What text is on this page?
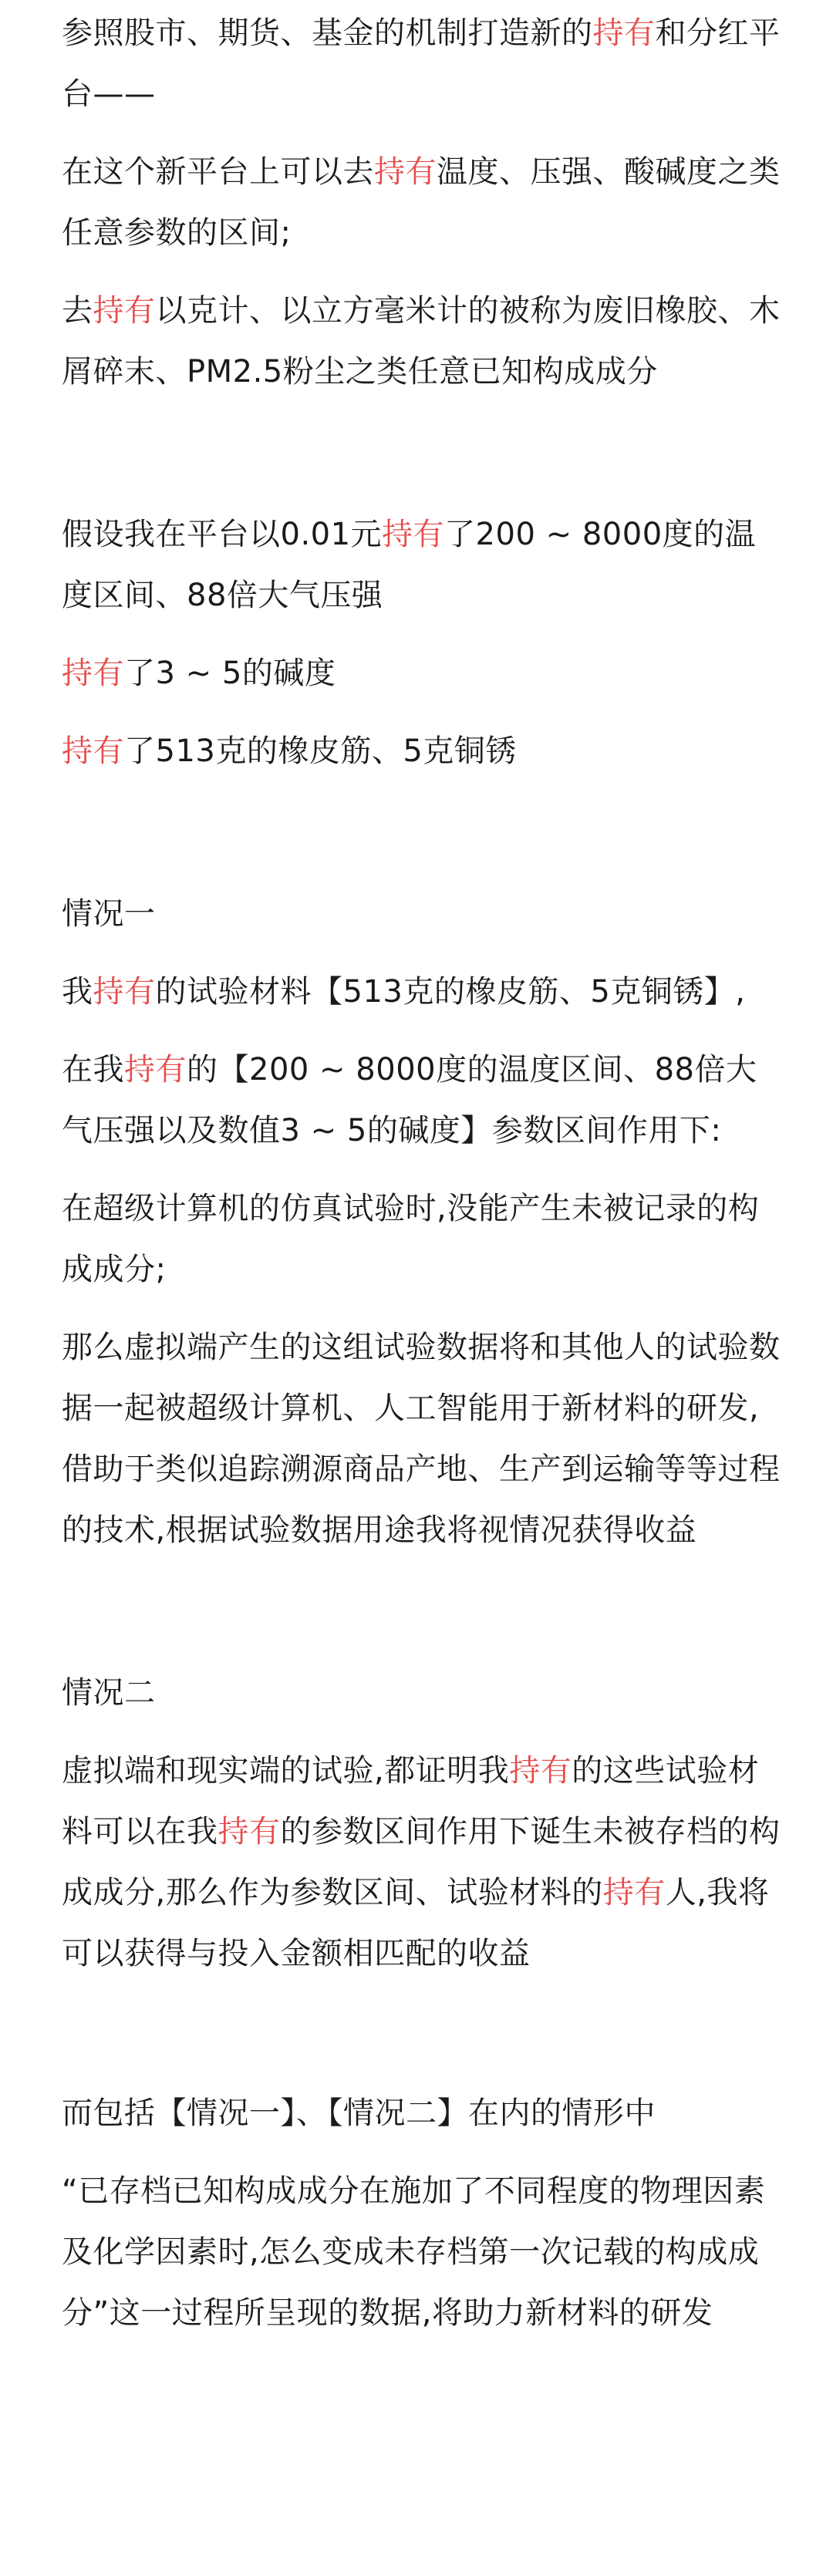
参照股市、期货、基金的机制打造新的持有和分红平台——

在这个新平台上可以去持有温度、压强、酸碱度之类任意参数的区间;

去持有以克计、以立方毫米计的被称为废旧橡胶、木屑碎末、PM2.5粉尘之类任意已知构成成分

假设我在平台以0.01元持有了200 ~ 8000度的温度区间、88倍大气压强

持有了3 ~ 5的碱度

持有了513克的橡皮筋、5克铜锈

情况一

我持有的试验材料【513克的橡皮筋、5克铜锈】,

在我持有的【200 ~ 8000度的温度区间、88倍大气压强以及数值3 ~ 5的碱度】参数区间作用下:

在超级计算机的仿真试验时,没能产生未被记录的构成成分;

那么虚拟端产生的这组试验数据将和其他人的试验数据一起被超级计算机、人工智能用于新材料的研发,借助于类似追踪溯源商品产地、生产到运输等等过程的技术,根据试验数据用途我将视情况获得收益

情况二

虚拟端和现实端的试验,都证明我持有的这些试验材料可以在我持有的参数区间作用下诞生未被存档的构成成分,那么作为参数区间、试验材料的持有人,我将可以获得与投入金额相匹配的收益

而包括【情况一】、【情况二】在内的情形中

“已存档已知构成成分在施加了不同程度的物理因素及化学因素时,怎么变成未存档第一次记载的构成成分”这一过程所呈现的数据,将助力新材料的研发
